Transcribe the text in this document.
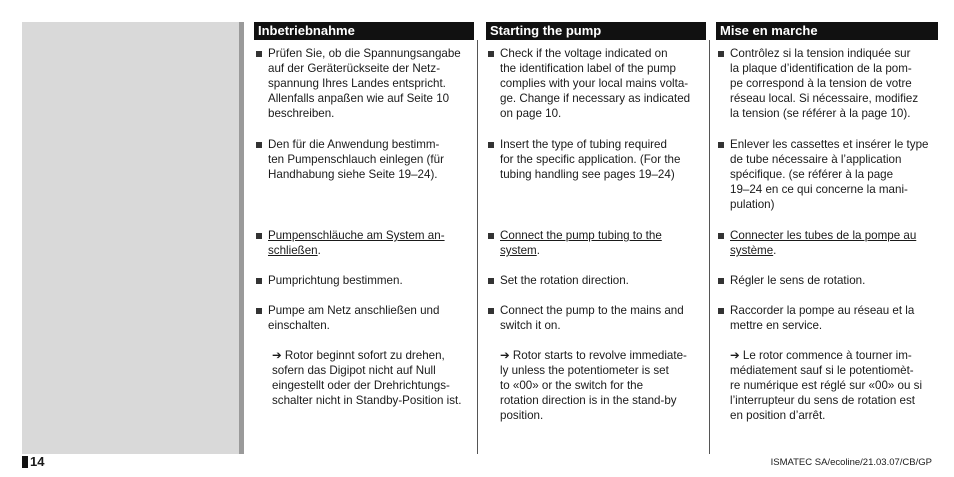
Inbetriebnahme
Prüfen Sie, ob die Spannungsangabe
auf der Geräterückseite der Netz-
spannung Ihres Landes entspricht.
Allenfalls anpaßen wie auf Seite 10
beschreiben.
Den für die Anwendung bestimm-
ten Pumpenschlauch einlegen (für
Handhabung siehe Seite 19–24).
Pumpenschläuche am System an-
schließen.
Pumprichtung bestimmen.
Pumpe am Netz anschließen und
einschalten.
➔ Rotor beginnt sofort zu drehen,
sofern das Digipot nicht auf Null
eingestellt oder der Drehrichtungs-
schalter nicht in Standby-Position ist.
Starting the pump
Check if the voltage indicated on
the identification label of the pump
complies with your local mains volta-
ge. Change if necessary as indicated
on page 10.
Insert the type of tubing required
for the specific application. (For the
tubing handling see pages 19–24)
Connect the pump tubing to the
system.
Set the rotation direction.
Connect the pump to the mains and
switch it on.
➔ Rotor starts to revolve immediate-
ly unless the potentiometer is set
to «00» or the switch for the
rotation direction is in the stand-by
position.
Mise en marche
Contrôlez si la tension indiquée sur
la plaque d’identification de la pom-
pe correspond à la tension de votre
réseau local. Si nécessaire, modifiez
la tension (se référer à la page 10).
Enlever les cassettes et insérer le type
de tube nécessaire à l’application
spécifique. (se référer à la page
19–24 en ce qui concerne la mani-
pulation)
Connecter les tubes de la pompe au
système.
Régler le sens de rotation.
Raccorder la pompe au réseau et la
mettre en service.
➔ Le rotor commence à tourner im-
médiatement sauf si le potentiomèt-
re numérique est réglé sur «00» ou si
l’interrupteur du sens de rotation est
en position d’arrêt.
14	ISMATEC SA/ecoline/21.03.07/CB/GP
